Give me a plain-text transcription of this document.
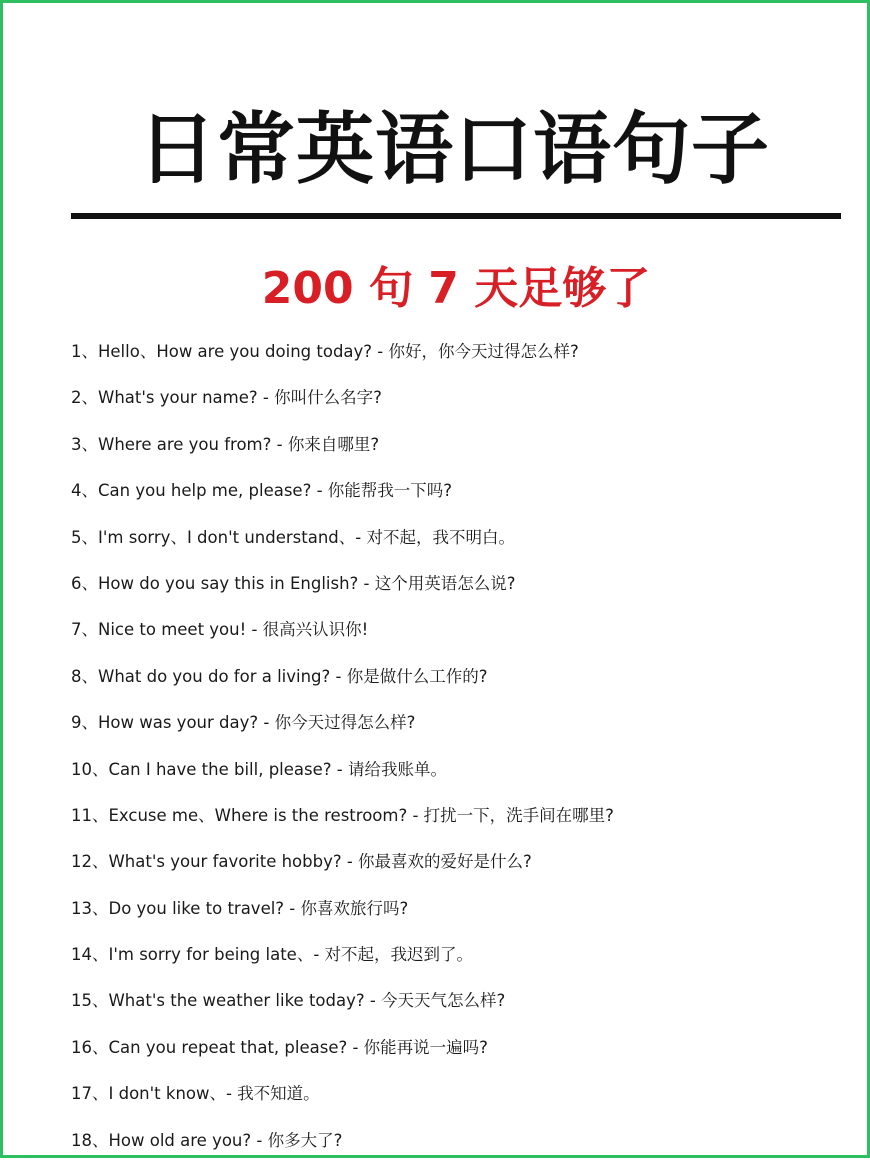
日常英语口语句子
200 句 7 天足够了
1、Hello、How are you doing today? - 你好，你今天过得怎么样?
2、What's your name? - 你叫什么名字?
3、Where are you from? - 你来自哪里?
4、Can you help me, please? - 你能帮我一下吗?
5、I'm sorry、I don't understand、- 对不起，我不明白。
6、How do you say this in English? - 这个用英语怎么说?
7、Nice to meet you! - 很高兴认识你!
8、What do you do for a living? - 你是做什么工作的?
9、How was your day? - 你今天过得怎么样?
10、Can I have the bill, please? - 请给我账单。
11、Excuse me、Where is the restroom? - 打扰一下，洗手间在哪里?
12、What's your favorite hobby? - 你最喜欢的爱好是什么?
13、Do you like to travel? - 你喜欢旅行吗?
14、I'm sorry for being late、- 对不起，我迟到了。
15、What's the weather like today? - 今天天气怎么样?
16、Can you repeat that, please? - 你能再说一遍吗?
17、I don't know、- 我不知道。
18、How old are you? - 你多大了?
